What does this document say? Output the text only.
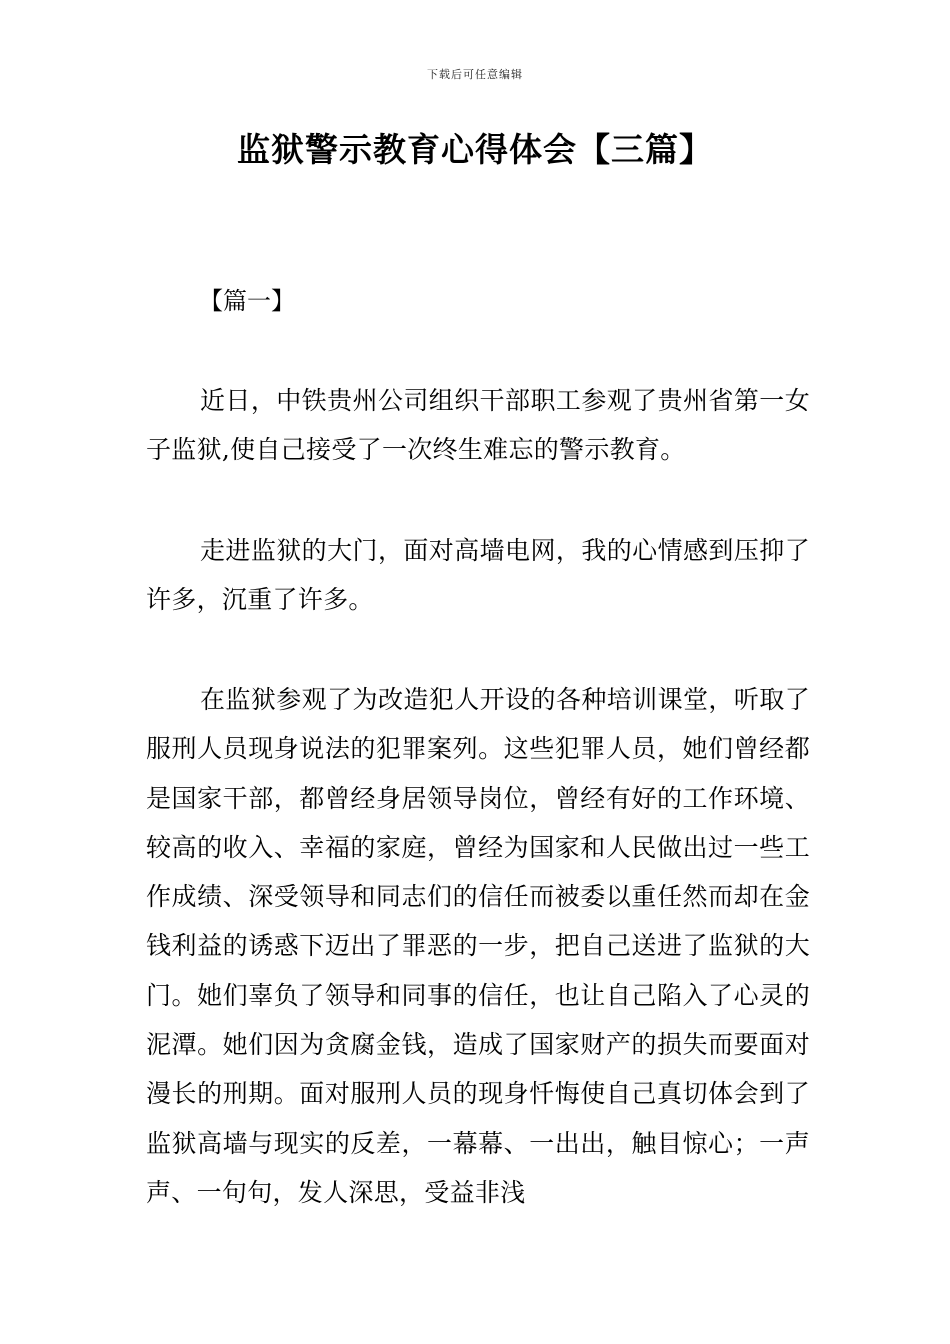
下载后可任意编辑
监狱警示教育心得体会【三篇】
【篇一】

近日，中铁贵州公司组织干部职工参观了贵州省第一女子监狱,使自己接受了一次终生难忘的警示教育。

走进监狱的大门，面对高墙电网，我的心情感到压抑了许多，沉重了许多。

在监狱参观了为改造犯人开设的各种培训课堂，听取了服刑人员现身说法的犯罪案列。这些犯罪人员，她们曾经都是国家干部，都曾经身居领导岗位，曾经有好的工作环境、较高的收入、幸福的家庭，曾经为国家和人民做出过一些工作成绩、深受领导和同志们的信任而被委以重任然而却在金钱利益的诱惑下迈出了罪恶的一步，把自己送进了监狱的大门。她们辜负了领导和同事的信任，也让自己陷入了心灵的泥潭。她们因为贪腐金钱，造成了国家财产的损失而要面对漫长的刑期。面对服刑人员的现身忏悔使自己真切体会到了监狱高墙与现实的反差，一幕幕、一出出，触目惊心；一声声、一句句，发人深思，受益非浅
